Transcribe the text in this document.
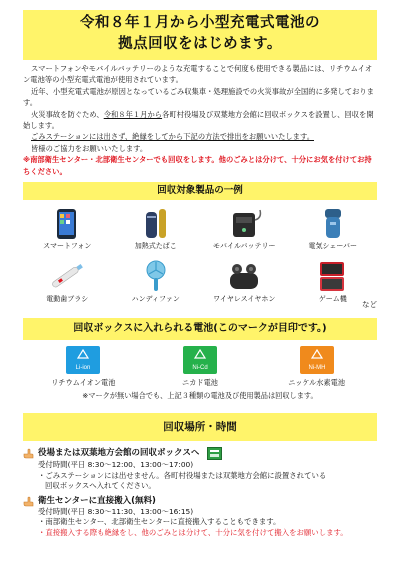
令和８年１月から小型充電式電池の
拠点回収をはじめます。

スマートフォンやモバイルバッテリーのような充電することで何度も使用できる製品には、リチウムイオン電池等の小型充電式電池が使用されています。

近年、小型充電式電池が原因となっているごみ収集車・処理施設での火災事故が全国的に多発しております。

火災事故を防ぐため、令和８年１月から各町村役場及び双葉地方会館に回収ボックスを設置し、回収を開始します。

ごみステーションには出さず、絶縁をしてから下記の方法で排出をお願いいたします。

皆様のご協力をお願いいたします。

※南部衛生センター・北部衛生センターでも回収をします。他のごみとは分けて、十分にお気を付けてお持ちください。

回収対象製品の一例
スマートフォン	加熱式たばこ	モバイルバッテリー	電気シェーバー
電動歯ブラシ	ハンディファン	ワイヤレスイヤホン	ゲーム機
など
回収ボックスに入れられる電池(このマークが目印です。)
Li-ion
リチウムイオン電池
Ni-Cd
ニカド電池
Ni-MH
ニッケル水素電池
※マークが無い場合でも、上記３種類の電池及び使用製品は回収します。
回収場所・時間
役場または双葉地方会館の回収ボックスへ

受付時間(平日 8:30～12:00、13:00～17:00)

・ごみステーションには出せません。各町村役場または双葉地方会館に設置されている

回収ボックスへ入れてください。

衛生センターに直接搬入(無料)

受付時間(平日 8:30～11:30、13:00～16:15)

・南部衛生センター、北部衛生センターに直接搬入することもできます。

・直接搬入する際も絶縁をし、他のごみとは分けて、十分に気を付けて搬入をお願いします。
